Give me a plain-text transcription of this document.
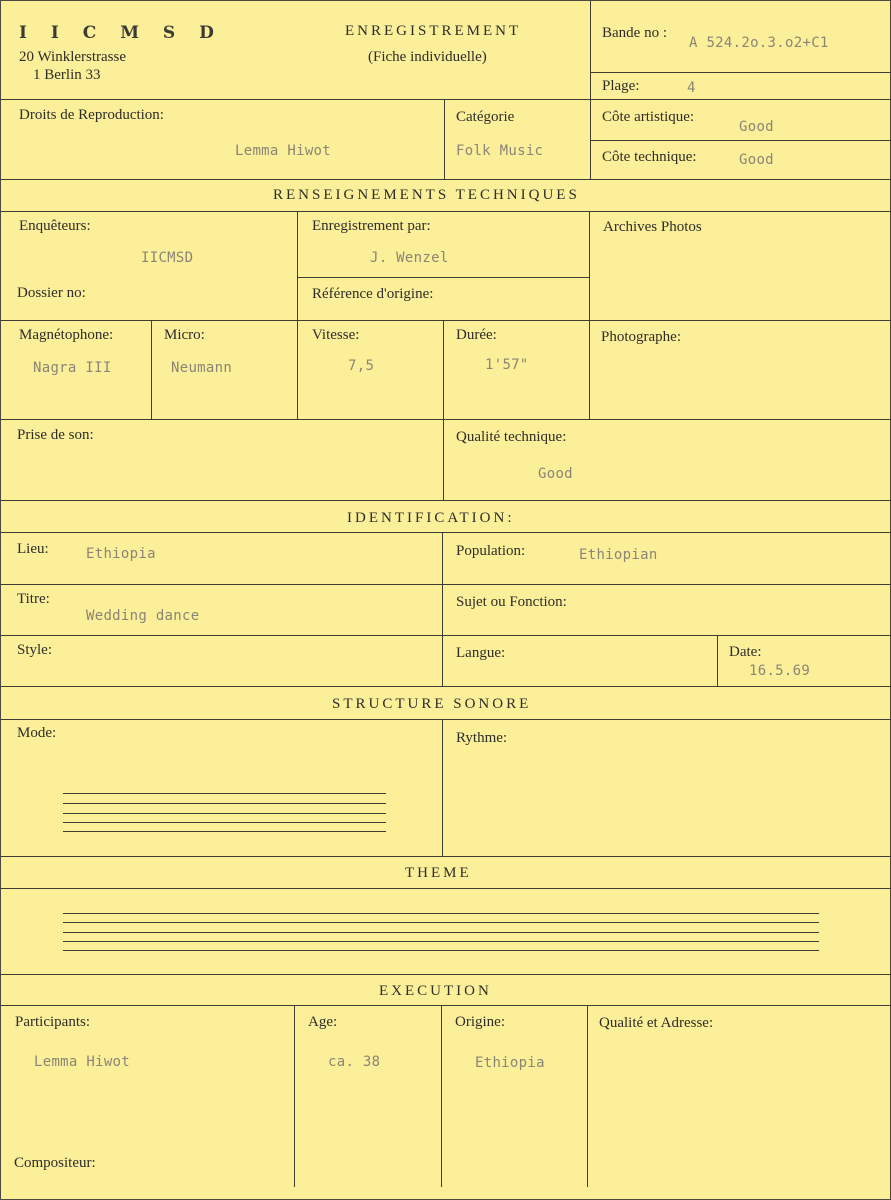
I I C M S D
20 Winklerstrasse
1 Berlin 33
ENREGISTREMENT
(Fiche individuelle)
Bande no :
A 524.2o.3.o2+C1
Plage:	4
Droits de Reproduction:
Lemma Hiwot
Catégorie
Folk Music
Côte artistique:
Good
Côte technique:	Good
RENSEIGNEMENTS TECHNIQUES
Enquêteurs:
IICMSD
Enregistrement par:
J. Wenzel
Archives Photos
Dossier no:	Référence d'origine:
Magnétophone:
Nagra III
Micro:
Neumann
Vitesse:
7,5
Durée:
1'57"
Photographe:
Prise de son:	Qualité technique:
Good
IDENTIFICATION:
Lieu:	Ethiopia	Population:	Ethiopian
Titre:
Wedding dance
Sujet ou Fonction:
Style:	Langue:	Date:
16.5.69
STRUCTURE SONORE
Mode:	Rythme:
THEME
EXECUTION
Participants:
Lemma Hiwot
Age:
ca. 38
Origine:
Ethiopia
Qualité et Adresse:
Compositeur:
